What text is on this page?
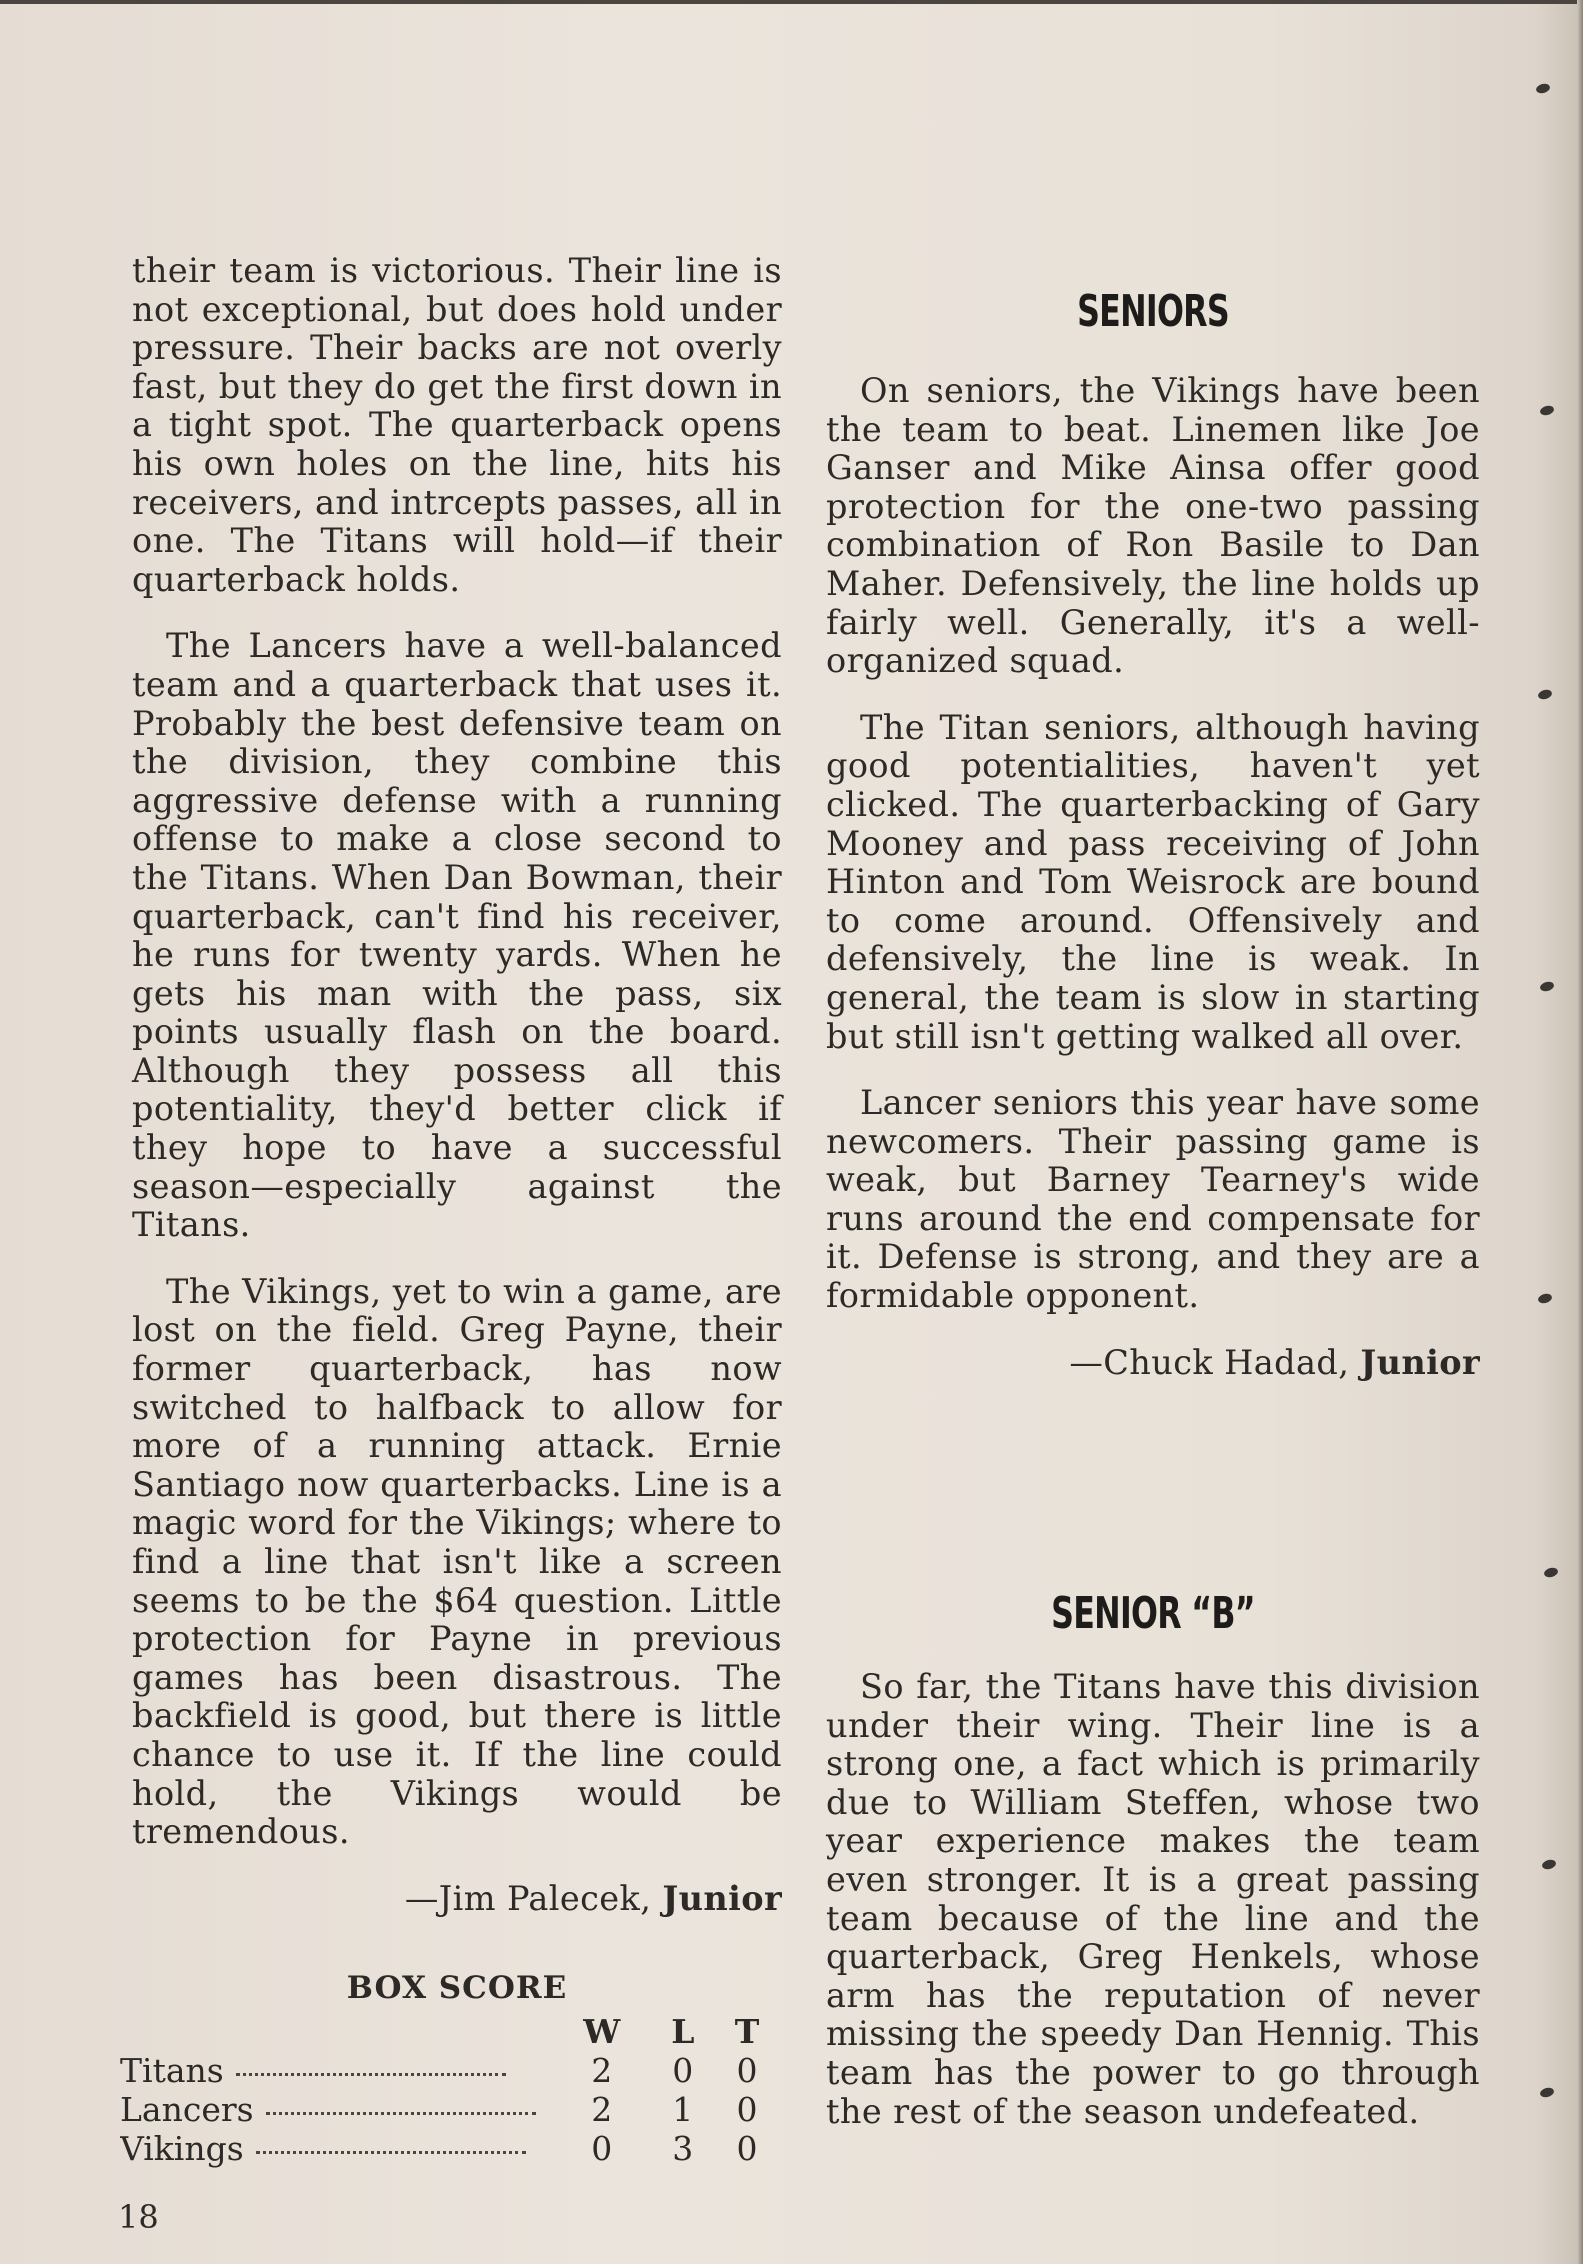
their team is victorious. Their line is not exceptional, but does hold under pressure. Their backs are not overly fast, but they do get the first down in a tight spot. The quarterback opens his own holes on the line, hits his receivers, and intrcepts passes, all in one. The Titans will hold—if their quarterback holds.

The Lancers have a well-balanced team and a quarterback that uses it. Probably the best defensive team on the division, they combine this aggressive defense with a running offense to make a close second to the Titans. When Dan Bowman, their quarterback, can't find his receiver, he runs for twenty yards. When he gets his man with the pass, six points usually flash on the board. Although they possess all this potentiality, they'd better click if they hope to have a successful season—especially against the Titans.

The Vikings, yet to win a game, are lost on the field. Greg Payne, their former quarterback, has now switched to halfback to allow for more of a running attack. Ernie Santiago now quarterbacks. Line is a magic word for the Vikings; where to find a line that isn't like a screen seems to be the $64 question. Little protection for Payne in previous games has been disastrous. The backfield is good, but there is little chance to use it. If the line could hold, the Vikings would be tremendous.

—Jim Palecek, Junior

BOX SCORE
	W	L	T
Titans	2	0	0
Lancers	2	1	0
Vikings	0	3	0
SENIORS

On seniors, the Vikings have been the team to beat. Linemen like Joe Ganser and Mike Ainsa offer good protection for the one-two passing combination of Ron Basile to Dan Maher. Defensively, the line holds up fairly well. Generally, it's a well-organized squad.

The Titan seniors, although having good potentialities, haven't yet clicked. The quarterbacking of Gary Mooney and pass receiving of John Hinton and Tom Weisrock are bound to come around. Offensively and defensively, the line is weak. In general, the team is slow in starting but still isn't getting walked all over.

Lancer seniors this year have some newcomers. Their passing game is weak, but Barney Tearney's wide runs around the end compensate for it. Defense is strong, and they are a formidable opponent.

—Chuck Hadad, Junior

SENIOR “B”

So far, the Titans have this division under their wing. Their line is a strong one, a fact which is primarily due to William Steffen, whose two year experience makes the team even stronger. It is a great passing team because of the line and the quarterback, Greg Henkels, whose arm has the reputation of never missing the speedy Dan Hennig. This team has the power to go through the rest of the season undefeated.

18
